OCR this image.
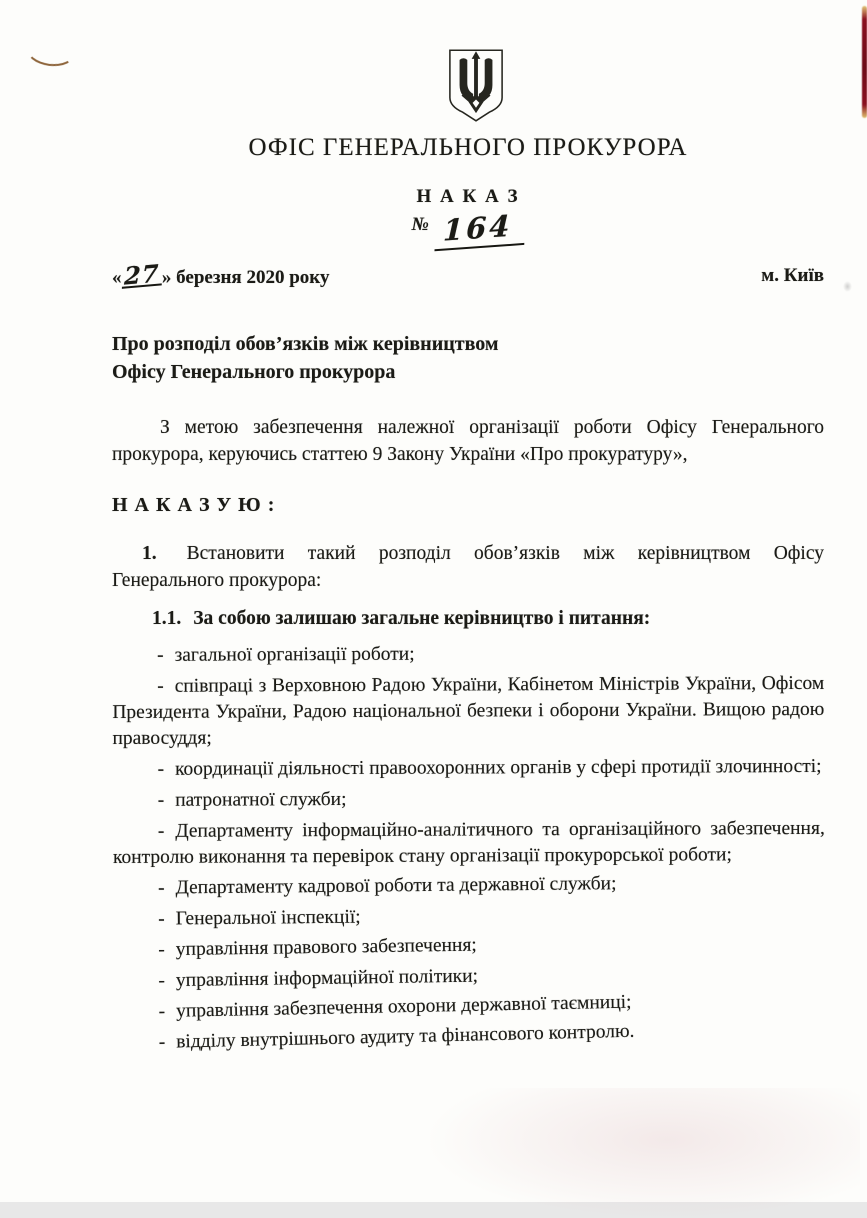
ОФІС ГЕНЕРАЛЬНОГО ПРОКУРОРА
Н А К А З
№ 164
«27 » березня 2020 року	м. Київ

Про розподіл обов’язків між керівництвом

Офісу Генерального прокурора

З метою забезпечення належної організації роботи Офісу Генерального прокурора, керуючись статтею 9 Закону України «Про прокуратуру»,

Н А К А З У Ю :

1. Встановити такий розподіл обов’язків між керівництвом Офісу Генерального прокурора:

1.1. За собою залишаю загальне керівництво і питання:

- загальної організації роботи;

- співпраці з Верховною Радою України, Кабінетом Міністрів України, Офісом Президента України, Радою національної безпеки і оборони України. Вищою радою правосуддя;

- координації діяльності правоохоронних органів у сфері протидії злочинності;

- патронатної служби;

- Департаменту інформаційно-аналітичного та організаційного забезпечення, контролю виконання та перевірок стану організації прокурорської роботи;

- Департаменту кадрової роботи та державної служби;

- Генеральної інспекції;

- управління правового забезпечення;

- управління інформаційної політики;

- управління забезпечення охорони державної таємниці;

- відділу внутрішнього аудиту та фінансового контролю.
